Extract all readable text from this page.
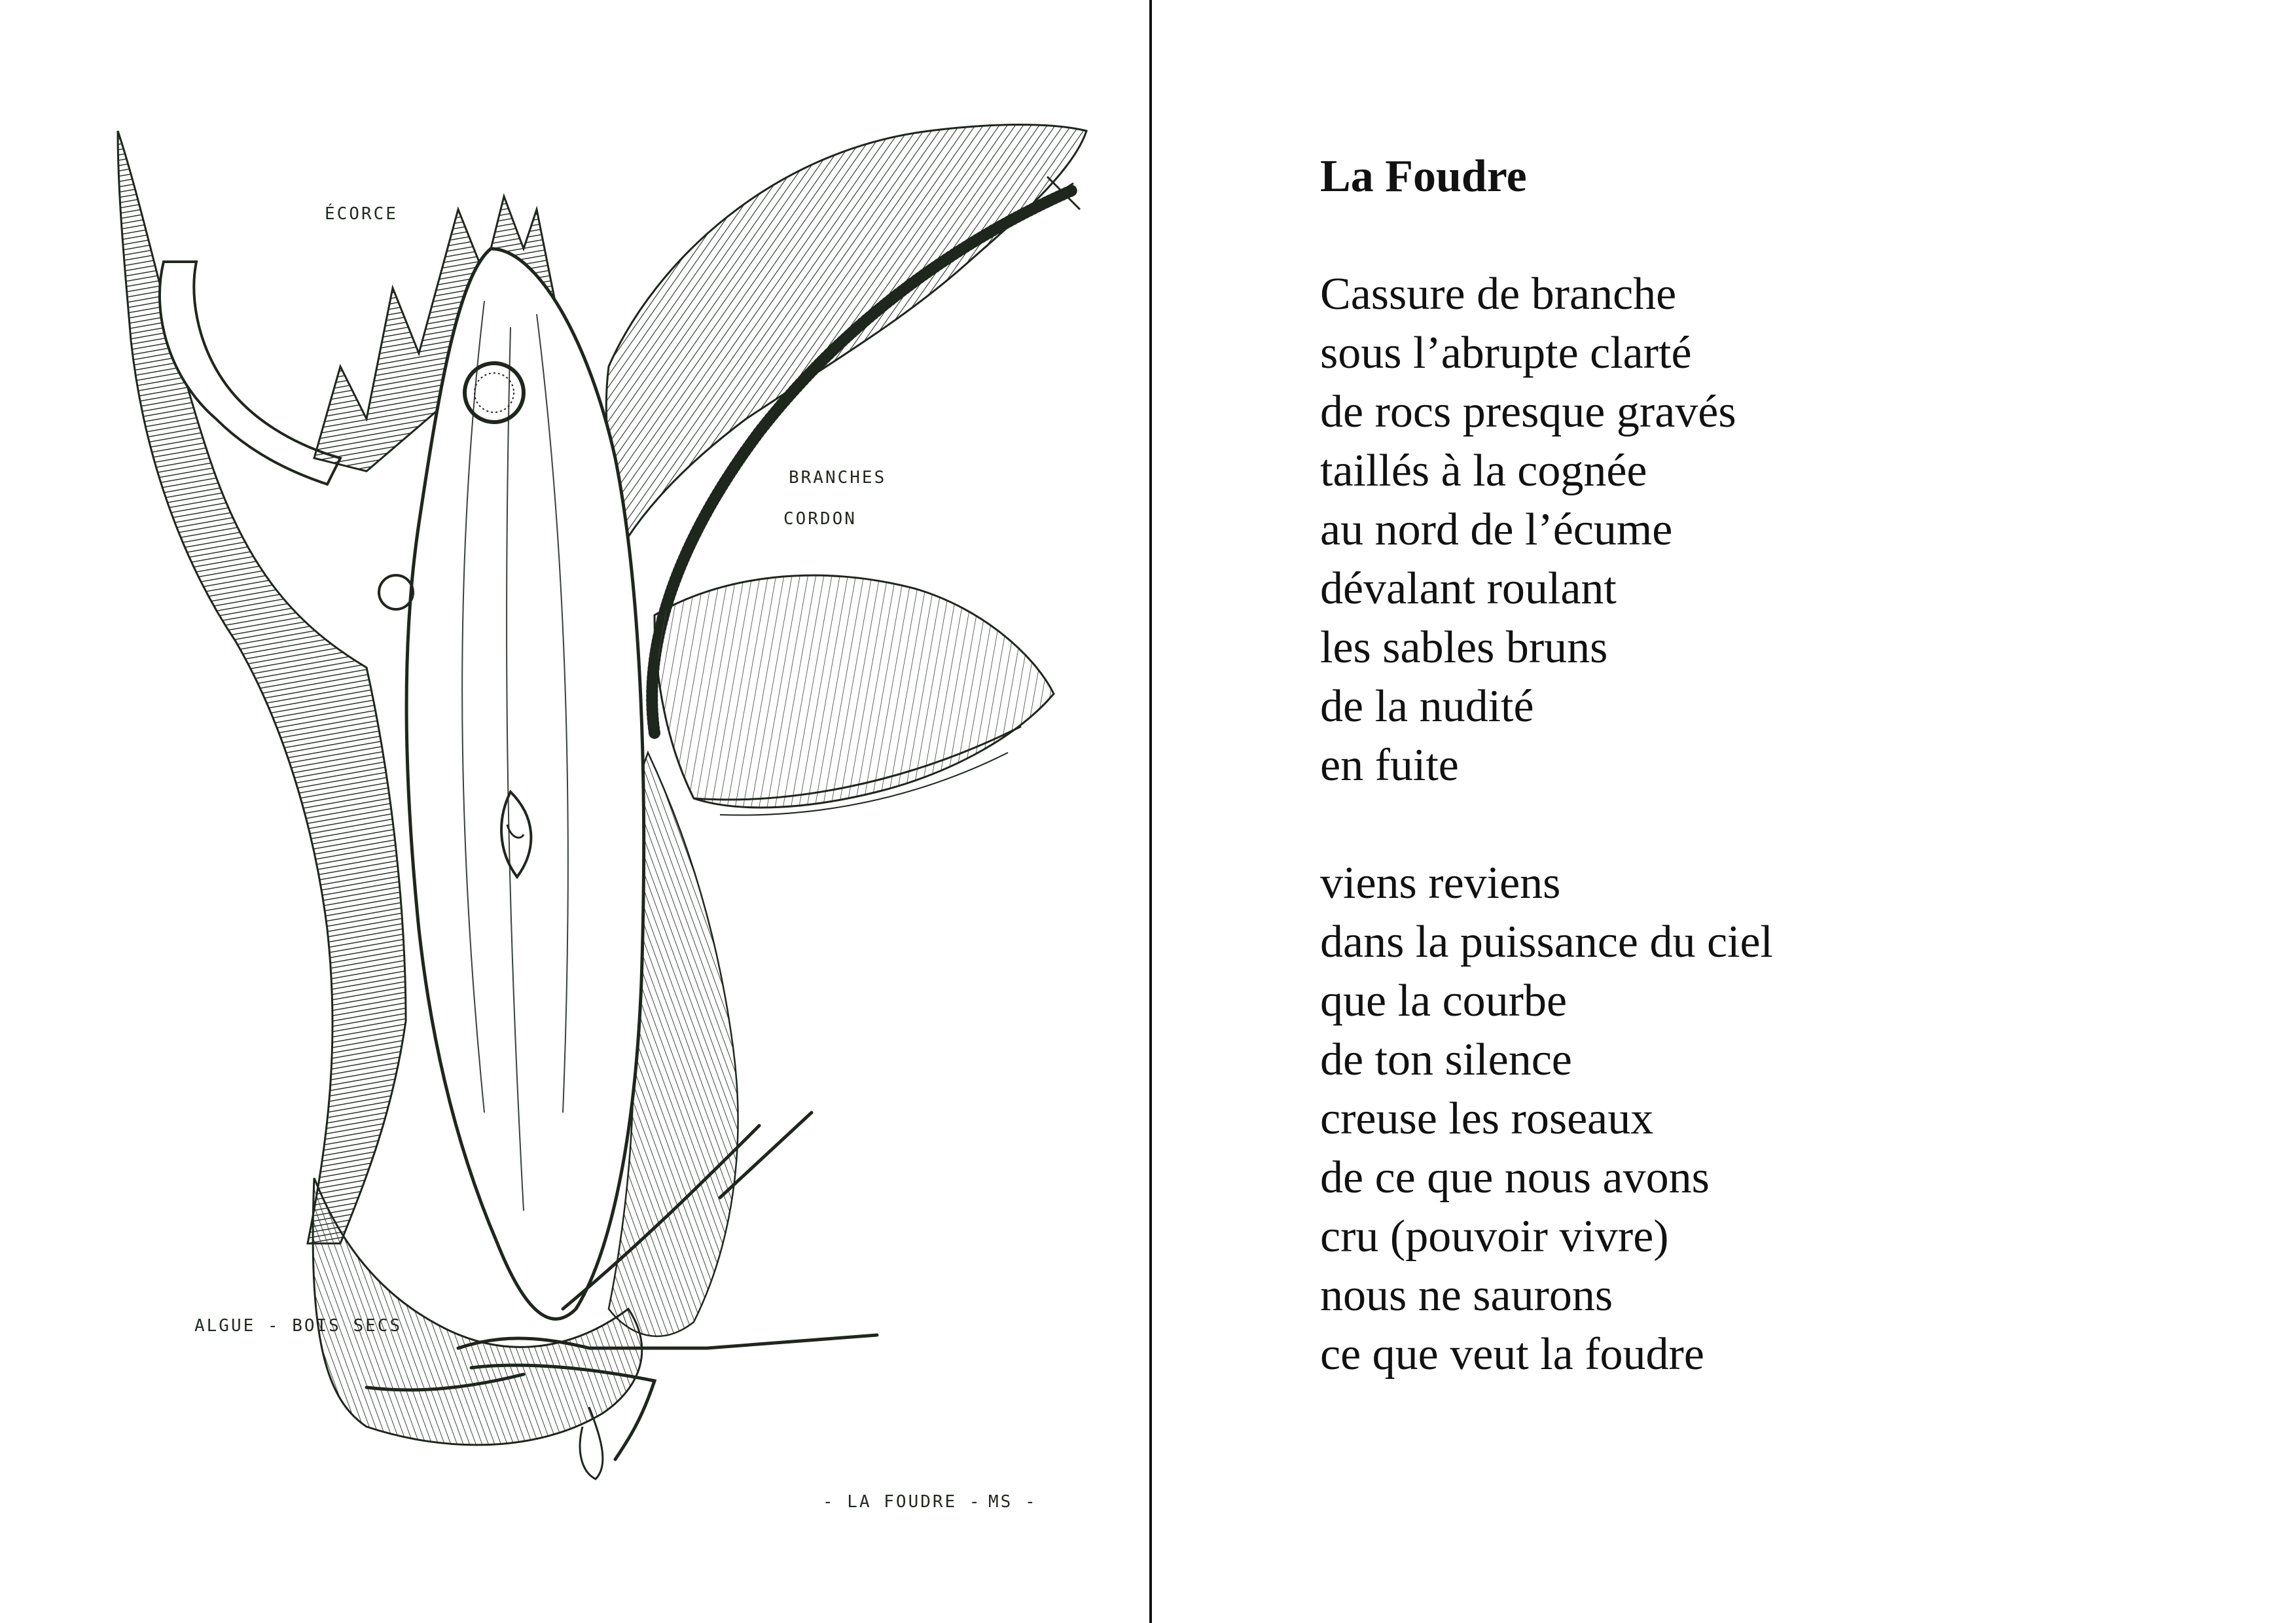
ÉCORCE
BRANCHES
CORDON
ALGUE - BOIS SECS
- LA FOUDRE - MS -
La Foudre
Cassure de branche
sous l’abrupte clarté
de rocs presque gravés
taillés à la cognée
au nord de l’écume
dévalant roulant
les sables bruns
de la nudité
en fuite
viens reviens
dans la puissance du ciel
que la courbe
de ton silence
creuse les roseaux
de ce que nous avons
cru (pouvoir vivre)
nous ne saurons
ce que veut la foudre
